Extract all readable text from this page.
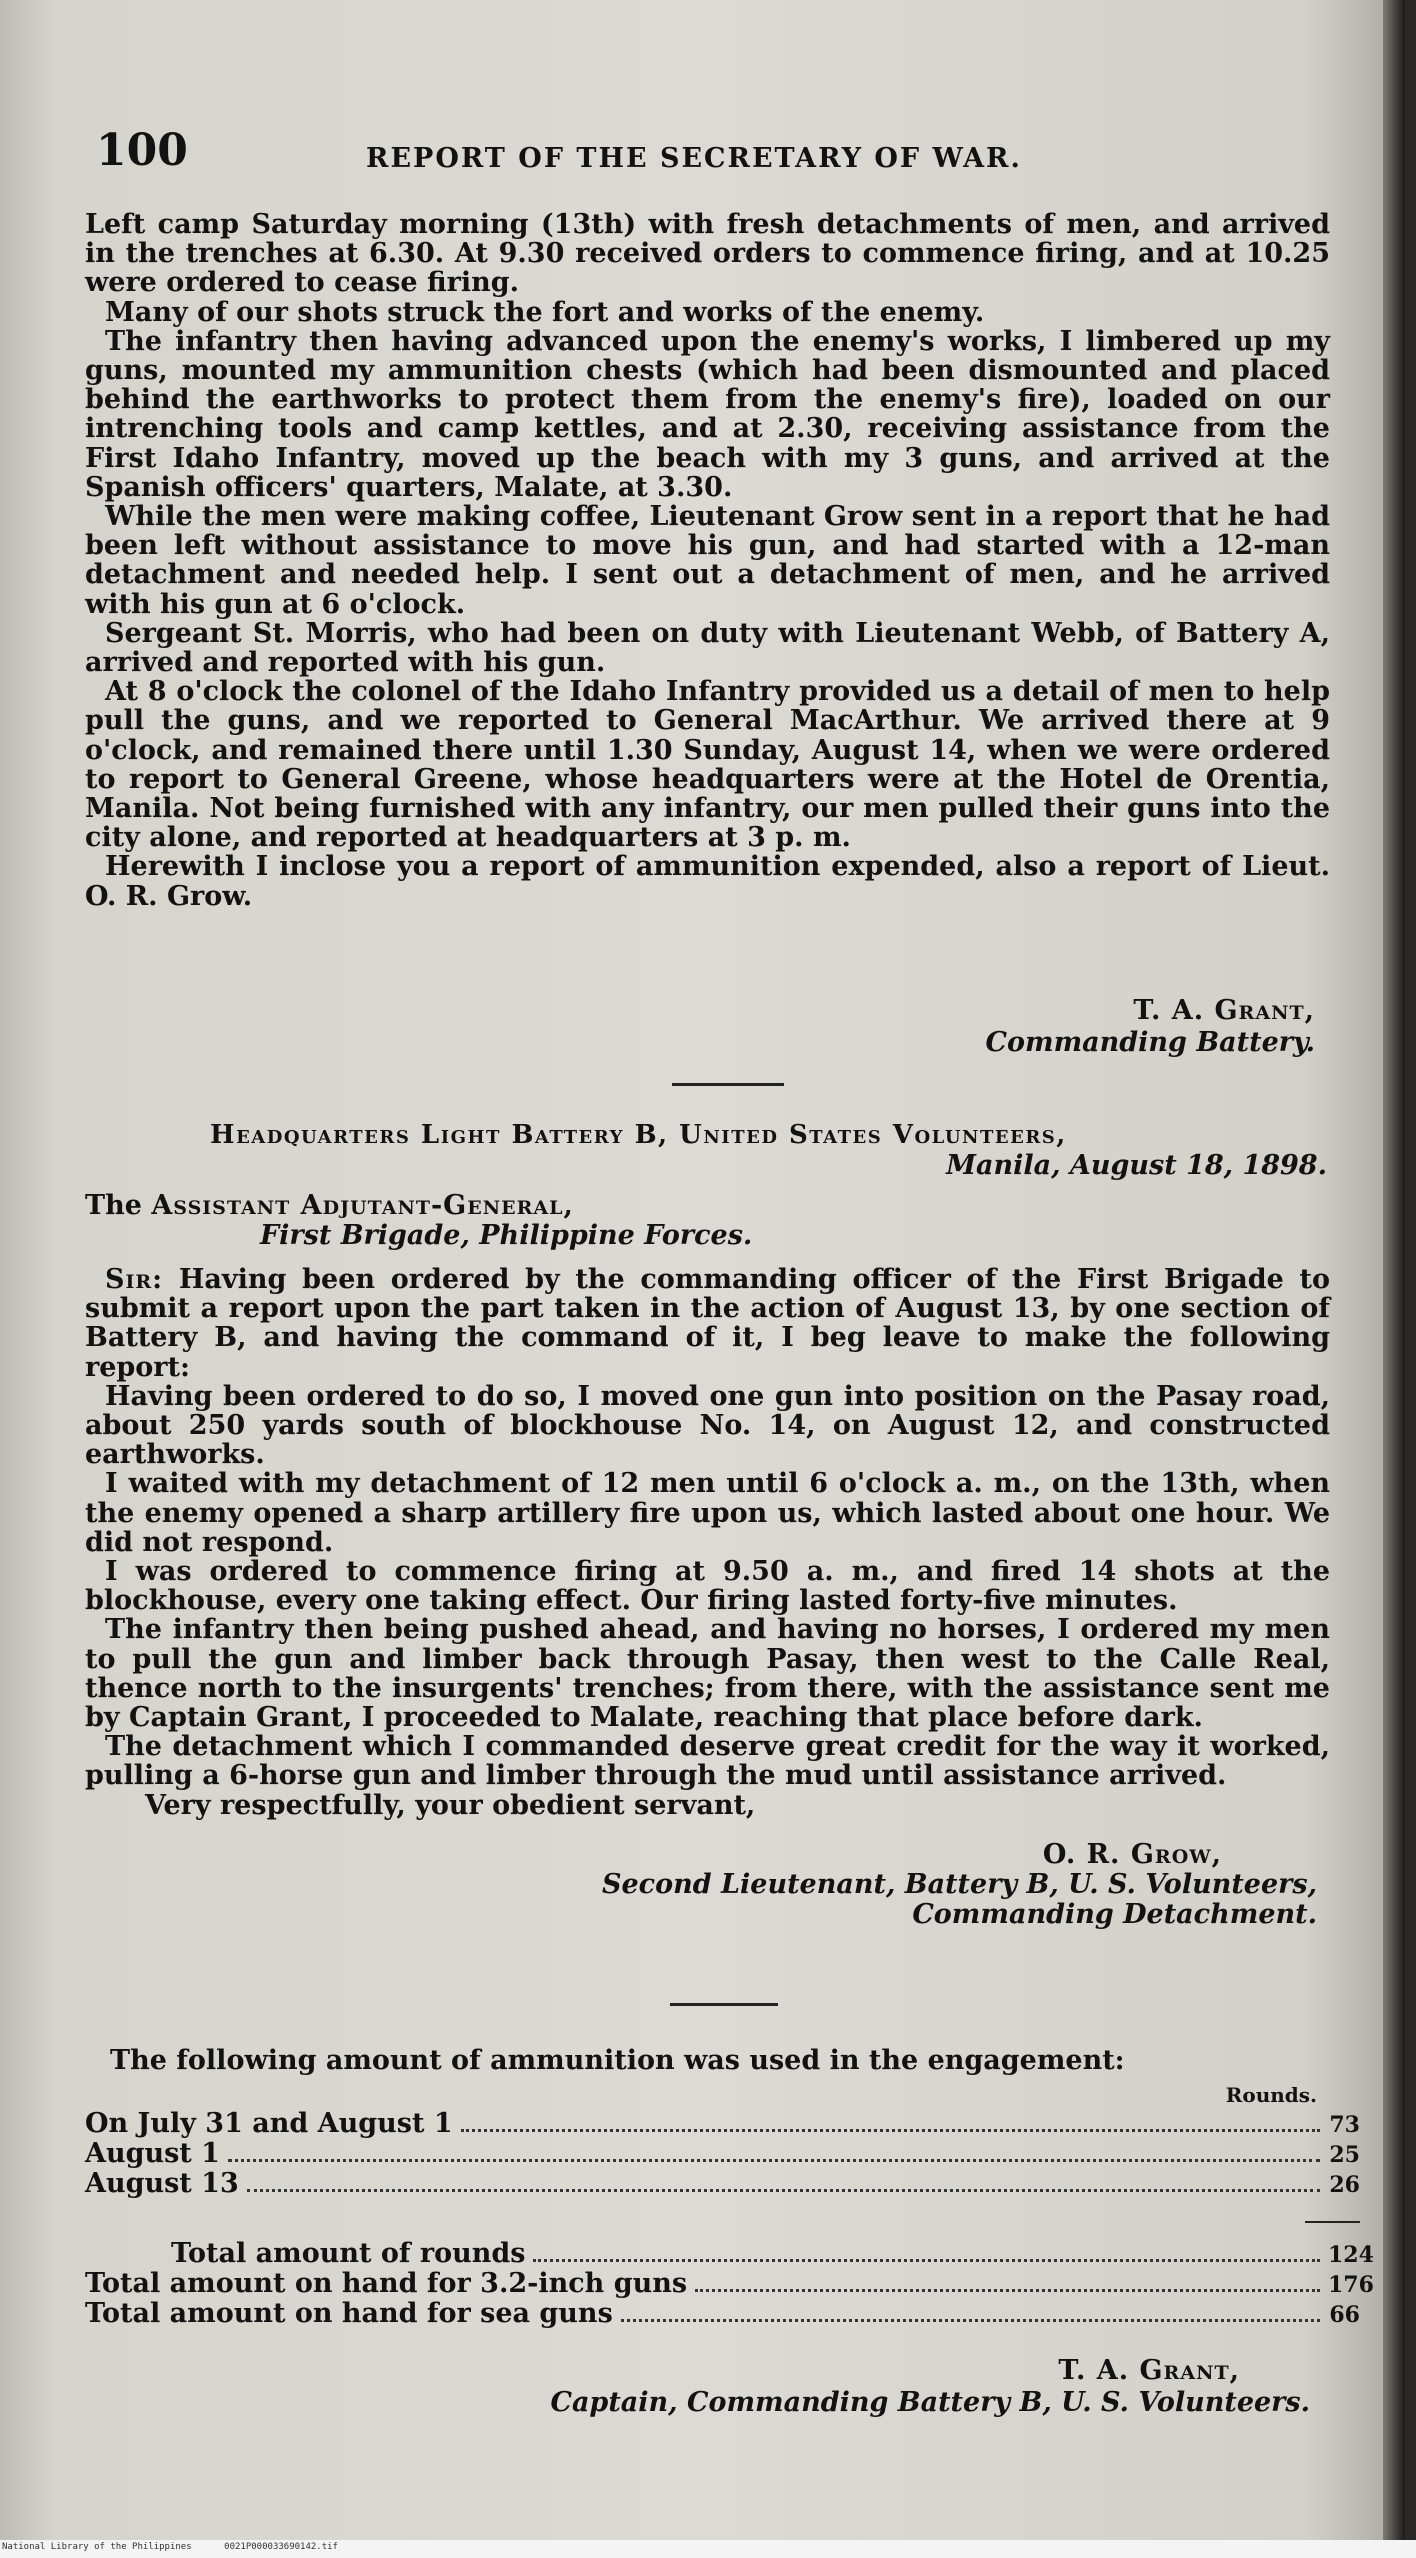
100	REPORT OF THE SECRETARY OF WAR.

Left camp Saturday morning (13th) with fresh detachments of men, and arrived in the trenches at 6.30. At 9.30 received orders to commence firing, and at 10.25 were ordered to cease firing.

Many of our shots struck the fort and works of the enemy.

The infantry then having advanced upon the enemy's works, I limbered up my guns, mounted my ammunition chests (which had been dismounted and placed behind the earthworks to protect them from the enemy's fire), loaded on our intrenching tools and camp kettles, and at 2.30, receiving assistance from the First Idaho Infantry, moved up the beach with my 3 guns, and arrived at the Spanish officers' quarters, Malate, at 3.30.

While the men were making coffee, Lieutenant Grow sent in a report that he had been left without assistance to move his gun, and had started with a 12-man detachment and needed help. I sent out a detachment of men, and he arrived with his gun at 6 o'clock.

Sergeant St. Morris, who had been on duty with Lieutenant Webb, of Battery A, arrived and reported with his gun.

At 8 o'clock the colonel of the Idaho Infantry provided us a detail of men to help pull the guns, and we reported to General MacArthur. We arrived there at 9 o'clock, and remained there until 1.30 Sunday, August 14, when we were ordered to report to General Greene, whose headquarters were at the Hotel de Orentia, Manila. Not being furnished with any infantry, our men pulled their guns into the city alone, and reported at headquarters at 3 p. m.

Herewith I inclose you a report of ammunition expended, also a report of Lieut. O. R. Grow.

T. A. Grant,
Commanding Battery.
Headquarters Light Battery B, United States Volunteers,
Manila, August 18, 1898.
The Assistant Adjutant-General,
First Brigade, Philippine Forces.

Sir: Having been ordered by the commanding officer of the First Brigade to submit a report upon the part taken in the action of August 13, by one section of Battery B, and having the command of it, I beg leave to make the following report:

Having been ordered to do so, I moved one gun into position on the Pasay road, about 250 yards south of blockhouse No. 14, on August 12, and constructed earthworks.

I waited with my detachment of 12 men until 6 o'clock a. m., on the 13th, when the enemy opened a sharp artillery fire upon us, which lasted about one hour. We did not respond.

I was ordered to commence firing at 9.50 a. m., and fired 14 shots at the blockhouse, every one taking effect. Our firing lasted forty-five minutes.

The infantry then being pushed ahead, and having no horses, I ordered my men to pull the gun and limber back through Pasay, then west to the Calle Real, thence north to the insurgents' trenches; from there, with the assistance sent me by Captain Grant, I proceeded to Malate, reaching that place before dark.

The detachment which I commanded deserve great credit for the way it worked, pulling a 6-horse gun and limber through the mud until assistance arrived.

Very respectfully, your obedient servant,

O. R. Grow,
Second Lieutenant, Battery B, U. S. Volunteers,
Commanding Detachment.
The following amount of ammunition was used in the engagement:
Rounds.
On July 31 and August 1	73
August 1	25
August 13	26
Total amount of rounds	124
Total amount on hand for 3.2-inch guns	176
Total amount on hand for sea guns	66
T. A. Grant,
Captain, Commanding Battery B, U. S. Volunteers.
National Library of the Philippines	0021P000033690142.tif
